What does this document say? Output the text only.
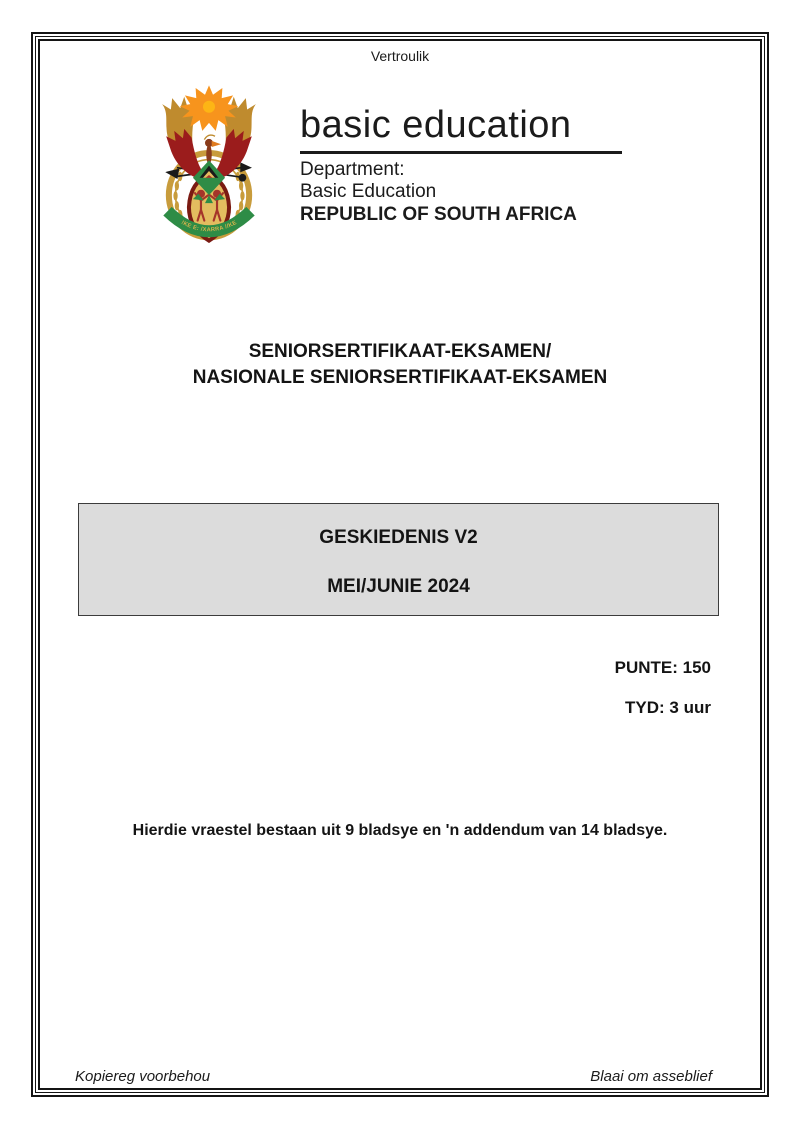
Vertroulik
!KE E: /XARRA //KE
basic education
Department:
Basic Education
REPUBLIC OF SOUTH AFRICA
SENIORSERTIFIKAAT-EKSAMEN/
NASIONALE SENIORSERTIFIKAAT-EKSAMEN
GESKIEDENIS V2
MEI/JUNIE 2024
PUNTE: 150
TYD: 3 uur
Hierdie vraestel bestaan uit 9 bladsye en 'n addendum van 14 bladsye.
Kopiereg voorbehou	Blaai om asseblief
